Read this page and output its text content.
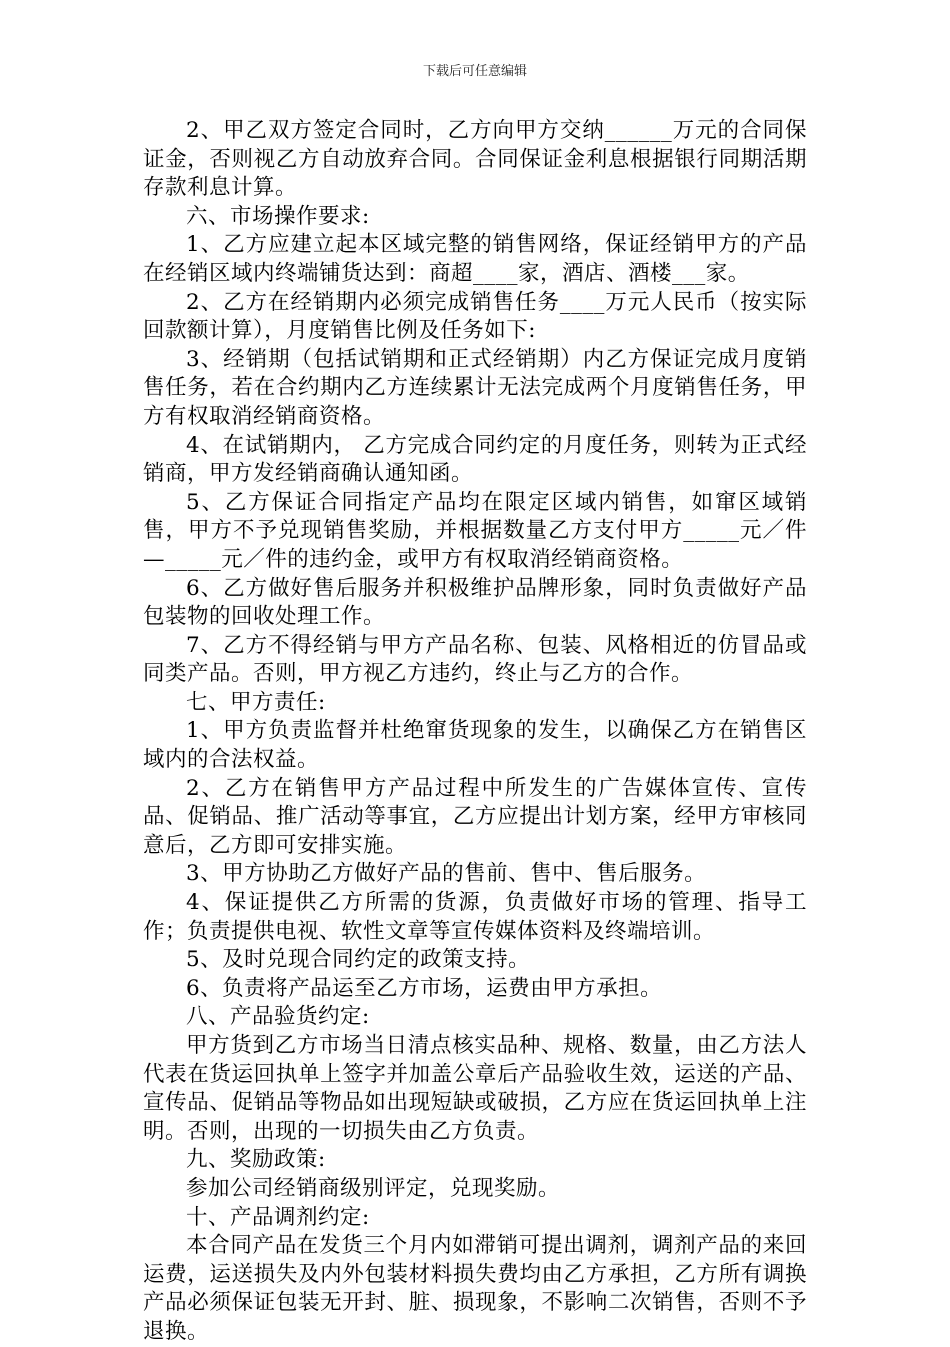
下载后可任意编辑

2、甲乙双方签定合同时，乙方向甲方交纳______万元的合同保证金，否则视乙方自动放弃合同。合同保证金利息根据银行同期活期存款利息计算。

六、市场操作要求:

1、乙方应建立起本区域完整的销售网络，保证经销甲方的产品在经销区域内终端铺货达到：商超____家，酒店、酒楼___家。

2、乙方在经销期内必须完成销售任务____万元人民币（按实际回款额计算），月度销售比例及任务如下:

3、经销期（包括试销期和正式经销期）内乙方保证完成月度销售任务，若在合约期内乙方连续累计无法完成两个月度销售任务，甲方有权取消经销商资格。

4、在试销期内， 乙方完成合同约定的月度任务，则转为正式经销商，甲方发经销商确认通知函。

5、乙方保证合同指定产品均在限定区域内销售，如窜区域销售，甲方不予兑现销售奖励，并根据数量乙方支付甲方_____元／件—_____元／件的违约金，或甲方有权取消经销商资格。

6、乙方做好售后服务并积极维护品牌形象，同时负责做好产品包装物的回收处理工作。

7、乙方不得经销与甲方产品名称、包装、风格相近的仿冒品或同类产品。否则，甲方视乙方违约，终止与乙方的合作。

七、甲方责任:

1、甲方负责监督并杜绝窜货现象的发生，以确保乙方在销售区域内的合法权益。

2、乙方在销售甲方产品过程中所发生的广告媒体宣传、宣传品、促销品、推广活动等事宜，乙方应提出计划方案，经甲方审核同意后，乙方即可安排实施。

3、甲方协助乙方做好产品的售前、售中、售后服务。

4、保证提供乙方所需的货源，负责做好市场的管理、指导工作；负责提供电视、软性文章等宣传媒体资料及终端培训。

5、及时兑现合同约定的政策支持。

6、负责将产品运至乙方市场，运费由甲方承担。

八、产品验货约定:

甲方货到乙方市场当日清点核实品种、规格、数量，由乙方法人代表在货运回执单上签字并加盖公章后产品验收生效，运送的产品、宣传品、促销品等物品如出现短缺或破损，乙方应在货运回执单上注明。否则，出现的一切损失由乙方负责。

九、奖励政策:

参加公司经销商级别评定，兑现奖励。

十、产品调剂约定:

本合同产品在发货三个月内如滞销可提出调剂，调剂产品的来回运费，运送损失及内外包装材料损失费均由乙方承担，乙方所有调换产品必须保证包装无开封、脏、损现象，不影响二次销售，否则不予退换。
